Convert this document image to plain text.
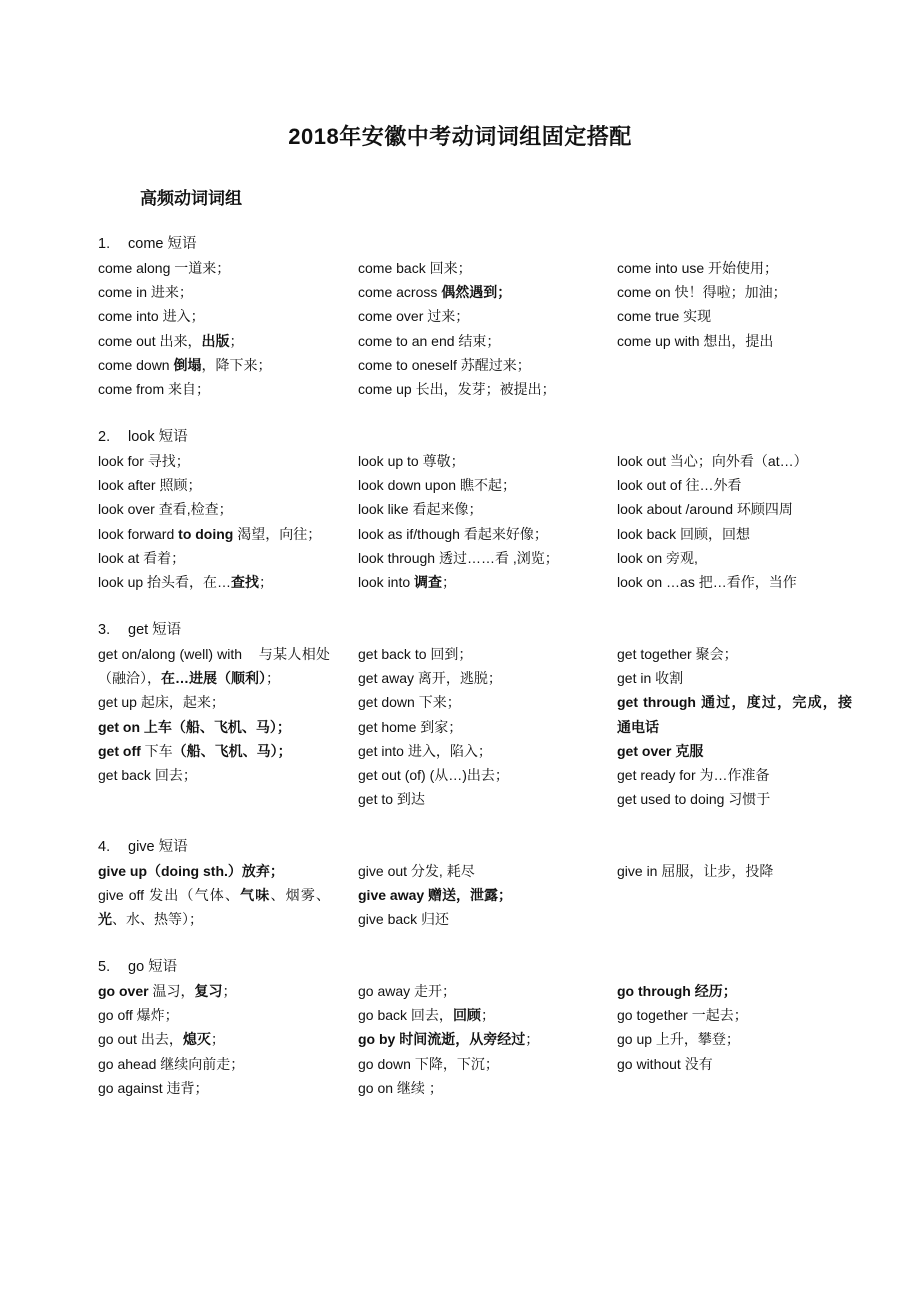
2018年安徽中考动词词组固定搭配
高频动词词组
1. come 短语
come along 一道来；
come in 进来；
come into 进入；
come out 出来，出版；
come down 倒塌，降下来；
come from 来自；
come back 回来；
come across 偶然遇到；
come over 过来；
come to an end 结束；
come to oneself 苏醒过来；
come up 长出，发芽；被提出；
come into use 开始使用；
come on 快！得啦；加油；
come true 实现
come up with 想出，提出
2. look 短语
look for 寻找；
look after 照顾；
look over 查看,检查；
look forward to doing 渴望，向往；
look at 看着；
look up 抬头看，在…查找；
look up to 尊敬；
look down upon 瞧不起；
look like 看起来像；
look as if/though 看起来好像；
look through 透过……看 ,浏览；
look into 调查；
look out 当心；向外看（at…）
look out of 往…外看
look about /around 环顾四周
look back 回顾，回想
look on 旁观,
look on …as 把…看作，当作
3. get 短语
get on/along (well) with    与某人相处（融洽），在…进展（顺利）；
get up 起床，起来；
get on 上车（船、飞机、马）；
get off 下车（船、飞机、马）；
get back 回去；
get back to 回到；
get away 离开，逃脱；
get down 下来；
get home 到家；
get into 进入，陷入；
get out (of) (从…)出去；
get to 到达
get together 聚会；
get in 收割
get through 通过，度过，完成，接通电话
get over 克服
get ready for 为…作准备
get used to doing 习惯于
4. give 短语
give up（doing sth.）放弃；
give off 发出（气体、气味、烟雾、光、水、热等）；
give out 分发, 耗尽
give away 赠送，泄露；
give back 归还
give in 屈服，让步，投降
5. go 短语
go over 温习，复习；
go off 爆炸；
go out 出去，熄灭；
go ahead 继续向前走；
go against 违背；
go away 走开；
go back 回去，回顾；
go by 时间流逝，从旁经过；
go down 下降，下沉；
go on 继续 ；
go through 经历；
go together 一起去；
go up 上升，攀登；
go without 没有
